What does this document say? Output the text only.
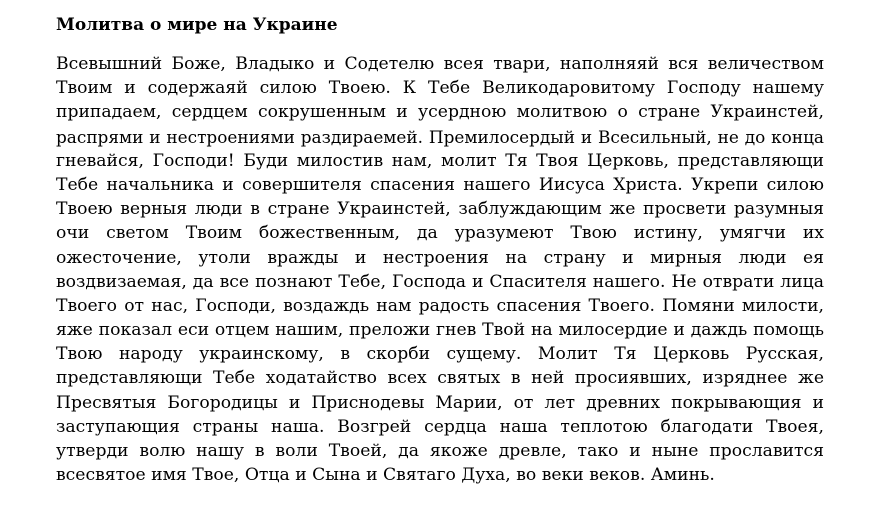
Молитва о мире на Украине
Всевышний Боже, Владыко и Содетелю всея твари, наполняяй вся величеством
Твоим и содержаяй силою Твоею. К Тебе Великодаровитому Господу нашему
припадаем, сердцем сокрушенным и усердною молитвою о стране Украинстей,
распрями и нестроениями раздираемей. Премилосердый и Всесильный, не до конца
гневайся, Господи! Буди милостив нам, молит Тя Твоя Церковь, представляющи
Тебе начальника и совершителя спасения нашего Иисуса Христа. Укрепи силою
Твоею верныя люди в стране Украинстей, заблуждающим же просвети разумныя
очи светом Твоим божественным, да уразумеют Твою истину, умягчи их
ожесточение, утоли вражды и нестроения на страну и мирныя люди ея
воздвизаемая, да все познают Тебе, Господа и Спасителя нашего. Не отврати лица
Твоего от нас, Господи, воздаждь нам радость спасения Твоего. Помяни милости,
яже показал еси отцем нашим, преложи гнев Твой на милосердие и даждь помощь
Твою народу украинскому, в скорби сущему. Молит Тя Церковь Русская,
представляющи Тебе ходатайство всех святых в ней просиявших, изряднее же
Пресвятыя Богородицы и Приснодевы Марии, от лет древних покрывающия и
заступающия страны наша. Возгрей сердца наша теплотою благодати Твоея,
утверди волю нашу в воли Твоей, да якоже древле, тако и ныне прославится
всесвятое имя Твое, Отца и Сына и Святаго Духа, во веки веков. Аминь.
